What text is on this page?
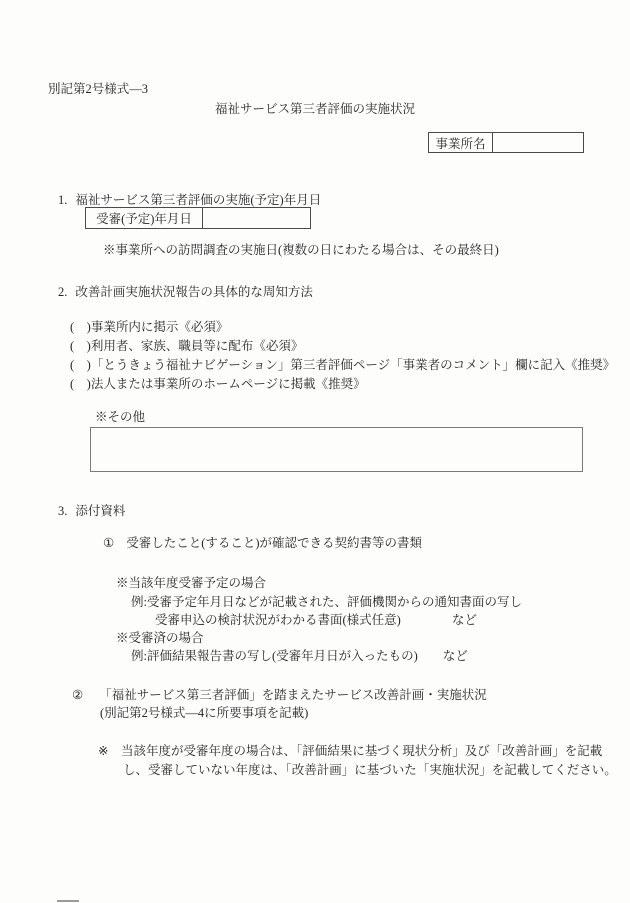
別記第2号様式―3
福祉サービス第三者評価の実施状況
事業所名
1. 福祉サービス第三者評価の実施(予定)年月日
受審(予定)年月日
※事業所への訪問調査の実施日(複数の日にわたる場合は、その最終日)
2. 改善計画実施状況報告の具体的な周知方法
(　)事業所内に掲示《必須》
(　)利用者、家族、職員等に配布《必須》
(　)「とうきょう福祉ナビゲーション」第三者評価ページ「事業者のコメント」欄に記入《推奨》
(　)法人または事業所のホームページに掲載《推奨》
※その他
3. 添付資料
① 受審したこと(すること)が確認できる契約書等の書類
※当該年度受審予定の場合
例:受審予定年月日などが記載された、評価機関からの通知書面の写し
受審申込の検討状況がわかる書面(様式任意)	など
※受審済の場合
例:評価結果報告書の写し(受審年月日が入ったもの) など
② 「福祉サービス第三者評価」を踏まえたサービス改善計画・実施状況
(別記第2号様式―4に所要事項を記載)
※ 当該年度が受審年度の場合は、「評価結果に基づく現状分析」及び「改善計画」を記載
し、受審していない年度は、「改善計画」に基づいた「実施状況」を記載してください。
